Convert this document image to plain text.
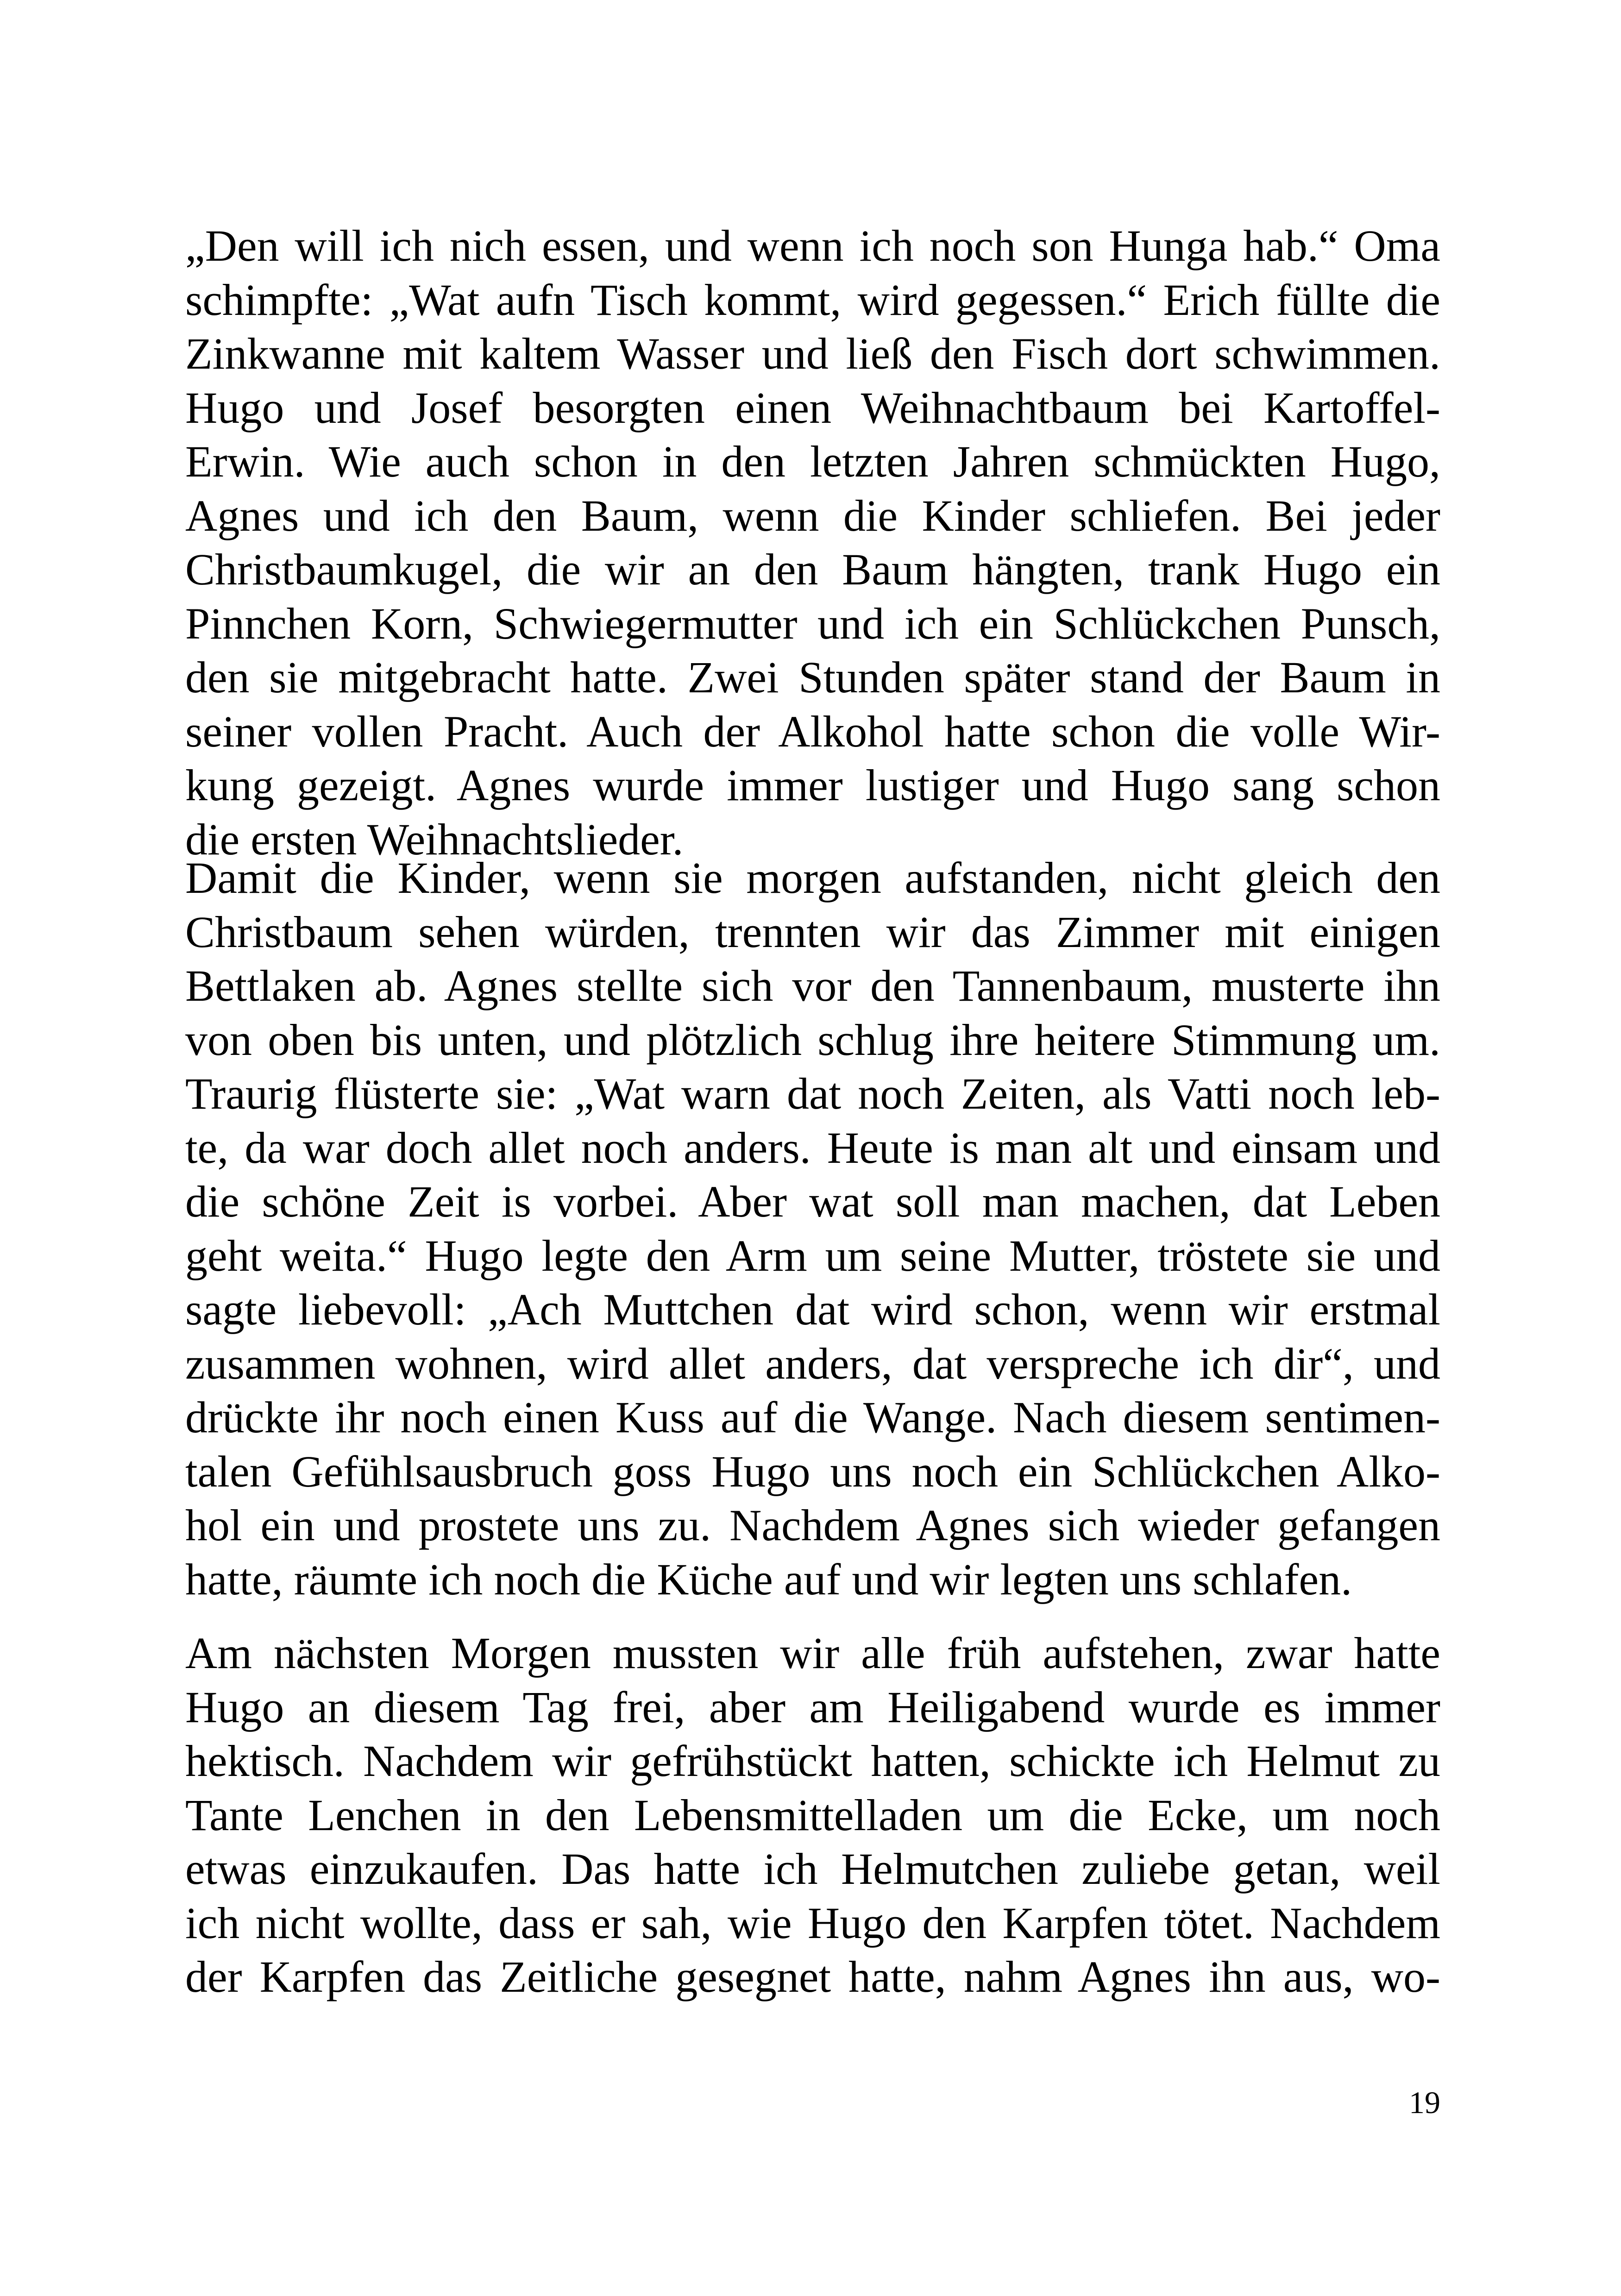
„Den will ich nich essen, und wenn ich noch son Hunga hab.“ Oma
schimpfte: „Wat aufn Tisch kommt, wird gegessen.“ Erich füllte die
Zinkwanne mit kaltem Wasser und ließ den Fisch dort schwimmen.
Hugo und Josef besorgten einen Weihnachtbaum bei Kartoffel-
Erwin. Wie auch schon in den letzten Jahren schmückten Hugo,
Agnes und ich den Baum, wenn die Kinder schliefen. Bei jeder
Christbaumkugel, die wir an den Baum hängten, trank Hugo ein
Pinnchen Korn, Schwiegermutter und ich ein Schlückchen Punsch,
den sie mitgebracht hatte. Zwei Stunden später stand der Baum in
seiner vollen Pracht. Auch der Alkohol hatte schon die volle Wir-
kung gezeigt. Agnes wurde immer lustiger und Hugo sang schon
die ersten Weihnachtslieder.
Damit die Kinder, wenn sie morgen aufstanden, nicht gleich den
Christbaum sehen würden, trennten wir das Zimmer mit einigen
Bettlaken ab. Agnes stellte sich vor den Tannenbaum, musterte ihn
von oben bis unten, und plötzlich schlug ihre heitere Stimmung um.
Traurig flüsterte sie: „Wat warn dat noch Zeiten, als Vatti noch leb-
te, da war doch allet noch anders. Heute is man alt und einsam und
die schöne Zeit is vorbei. Aber wat soll man machen, dat Leben
geht weita.“ Hugo legte den Arm um seine Mutter, tröstete sie und
sagte liebevoll: „Ach Muttchen dat wird schon, wenn wir erstmal
zusammen wohnen, wird allet anders, dat verspreche ich dir“, und
drückte ihr noch einen Kuss auf die Wange. Nach diesem sentimen-
talen Gefühlsausbruch goss Hugo uns noch ein Schlückchen Alko-
hol ein und prostete uns zu. Nachdem Agnes sich wieder gefangen
hatte, räumte ich noch die Küche auf und wir legten uns schlafen.
Am nächsten Morgen mussten wir alle früh aufstehen, zwar hatte
Hugo an diesem Tag frei, aber am Heiligabend wurde es immer
hektisch. Nachdem wir gefrühstückt hatten, schickte ich Helmut zu
Tante Lenchen in den Lebensmittelladen um die Ecke, um noch
etwas einzukaufen. Das hatte ich Helmutchen zuliebe getan, weil
ich nicht wollte, dass er sah, wie Hugo den Karpfen tötet. Nachdem
der Karpfen das Zeitliche gesegnet hatte, nahm Agnes ihn aus, wo-
19
